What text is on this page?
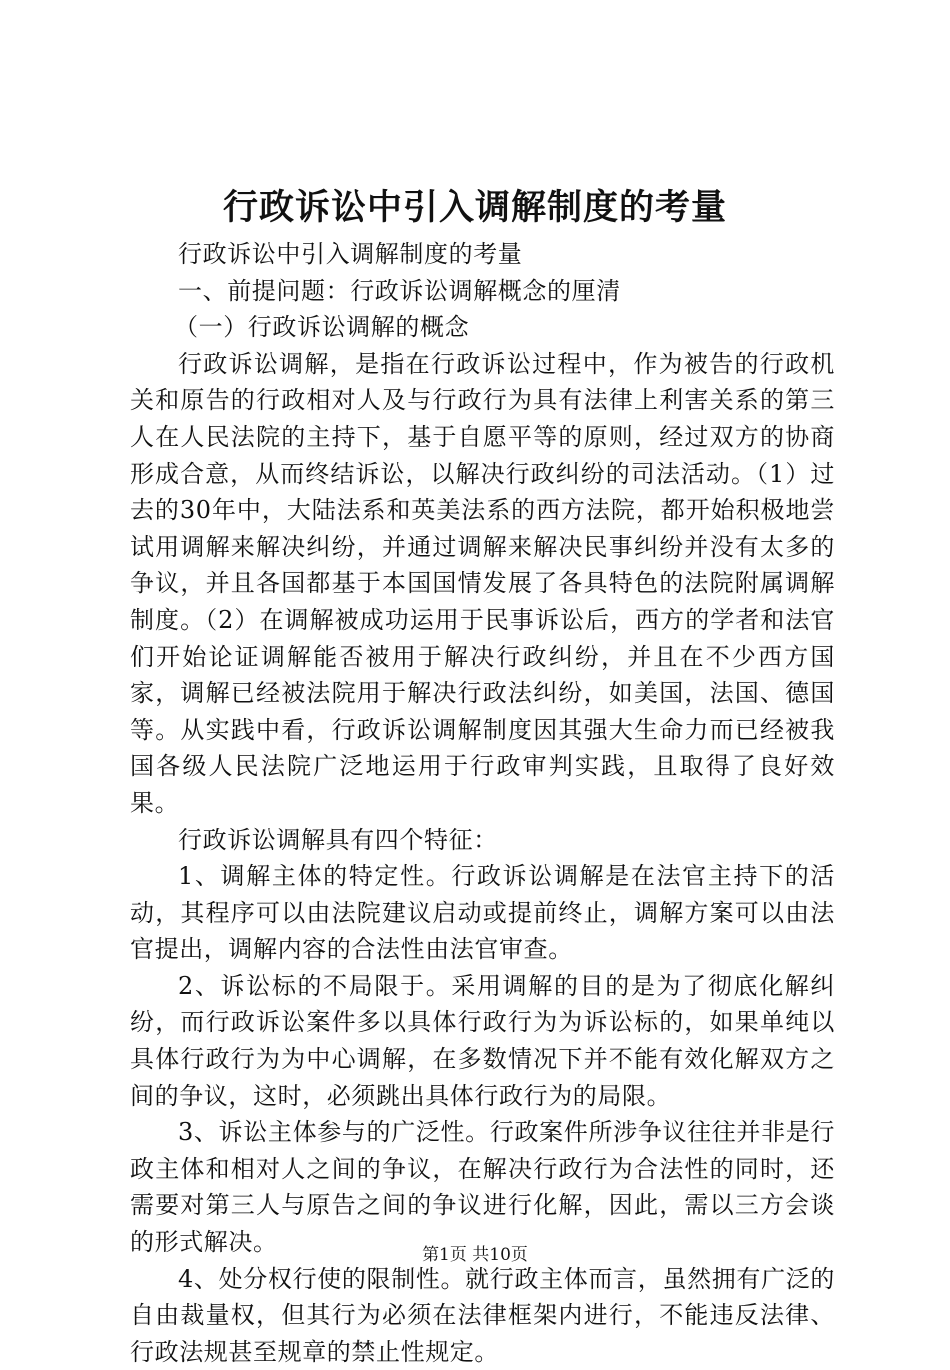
行政诉讼中引入调解制度的考量

行政诉讼中引入调解制度的考量

一、前提问题：行政诉讼调解概念的厘清

（一）行政诉讼调解的概念

行政诉讼调解，是指在行政诉讼过程中，作为被告的行政机关和原告的行政相对人及与行政行为具有法律上利害关系的第三人在人民法院的主持下，基于自愿平等的原则，经过双方的协商形成合意，从而终结诉讼，以解决行政纠纷的司法活动。（1）过去的30年中，大陆法系和英美法系的西方法院，都开始积极地尝试用调解来解决纠纷，并通过调解来解决民事纠纷并没有太多的争议，并且各国都基于本国国情发展了各具特色的法院附属调解制度。（2）在调解被成功运用于民事诉讼后，西方的学者和法官们开始论证调解能否被用于解决行政纠纷，并且在不少西方国家，调解已经被法院用于解决行政法纠纷，如美国，法国、德国等。从实践中看，行政诉讼调解制度因其强大生命力而已经被我国各级人民法院广泛地运用于行政审判实践，且取得了良好效果。

行政诉讼调解具有四个特征：

1、调解主体的特定性。行政诉讼调解是在法官主持下的活动，其程序可以由法院建议启动或提前终止，调解方案可以由法官提出，调解内容的合法性由法官审查。

2、诉讼标的不局限于。采用调解的目的是为了彻底化解纠纷，而行政诉讼案件多以具体行政行为为诉讼标的，如果单纯以具体行政行为为中心调解，在多数情况下并不能有效化解双方之间的争议，这时，必须跳出具体行政行为的局限。

3、诉讼主体参与的广泛性。行政案件所涉争议往往并非是行政主体和相对人之间的争议，在解决行政行为合法性的同时，还需要对第三人与原告之间的争议进行化解，因此，需以三方会谈的形式解决。

4、处分权行使的限制性。就行政主体而言，虽然拥有广泛的自由裁量权，但其行为必须在法律框架内进行，不能违反法律、行政法规甚至规章的禁止性规定。

第1页 共10页
